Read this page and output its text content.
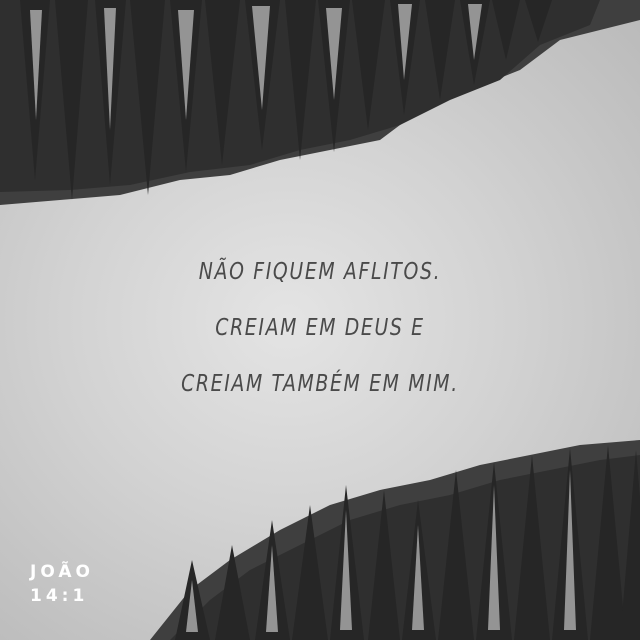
NÃO FIQUEM AFLITOS.
CREIAM EM DEUS E
CREIAM TAMBÉM EM MIM.
JOÃO
14:1
